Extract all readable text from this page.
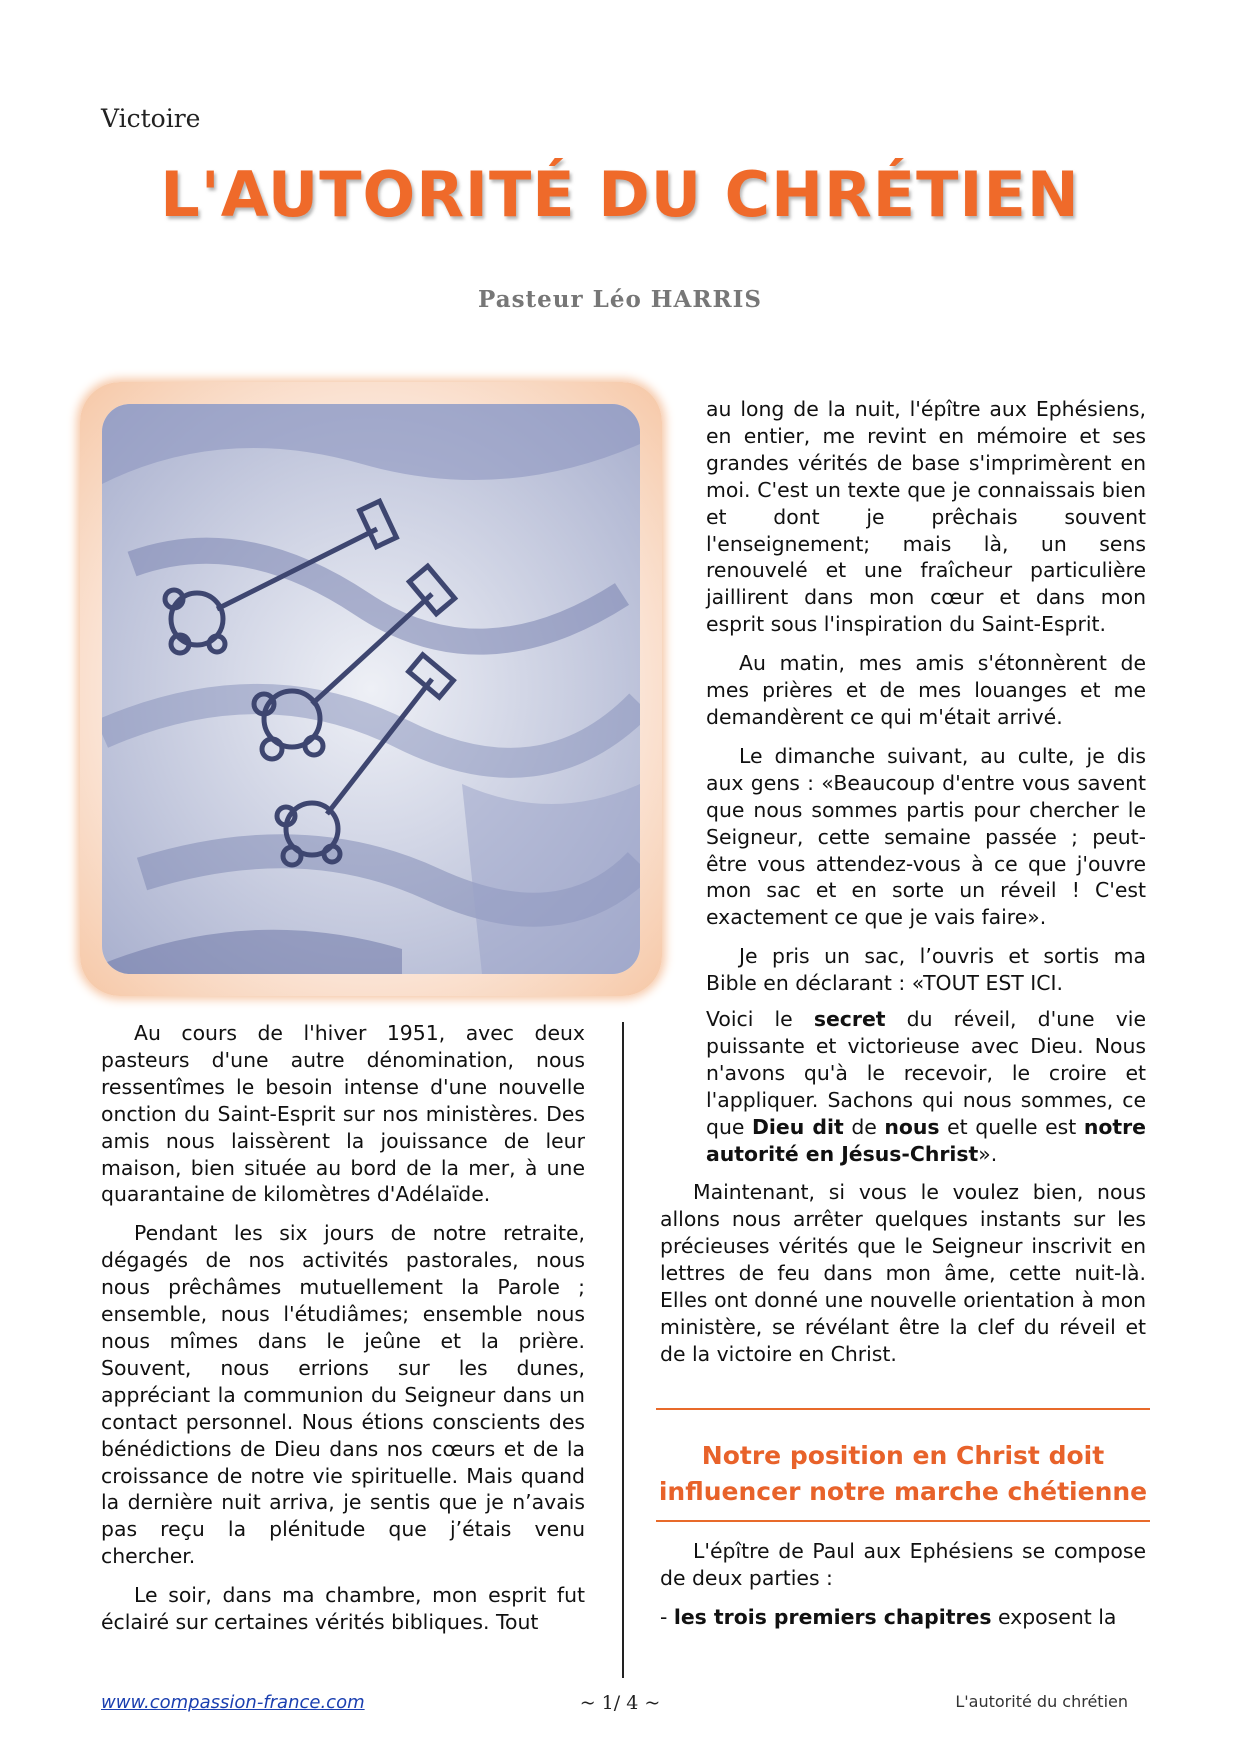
Victoire
L'AUTORITÉ DU CHRÉTIEN
Pasteur Léo HARRIS

au long de la nuit, l'épître aux Ephésiens, en entier, me revint en mémoire et ses grandes vérités de base s'imprimèrent en moi. C'est un texte que je connaissais bien et dont je prêchais souvent l'enseignement; mais là, un sens renouvelé et une fraîcheur particulière jaillirent dans mon cœur et dans mon esprit sous l'inspiration du Saint-Esprit.

Au matin, mes amis s'étonnèrent de mes prières et de mes louanges et me demandèrent ce qui m'était arrivé.

Le dimanche suivant, au culte, je dis aux gens : «Beaucoup d'entre vous savent que nous sommes partis pour chercher le Seigneur, cette semaine passée ; peut-être vous attendez-vous à ce que j'ouvre mon sac et en sorte un réveil ! C'est exactement ce que je vais faire».

Je pris un sac, l’ouvris et sortis ma Bible en déclarant : «TOUT EST ICI.

Au cours de l'hiver 1951, avec deux pasteurs d'une autre dénomination, nous ressentîmes le besoin intense d'une nouvelle onction du Saint-Esprit sur nos ministères. Des amis nous laissèrent la jouissance de leur maison, bien située au bord de la mer, à une quarantaine de kilomètres d'Adélaïde.

Pendant les six jours de notre retraite, dégagés de nos activités pastorales, nous nous prêchâmes mutuellement la Parole ; ensemble, nous l'étudiâmes; ensemble nous nous mîmes dans le jeûne et la prière. Souvent, nous errions sur les dunes, appréciant la communion du Seigneur dans un contact personnel. Nous étions conscients des bénédictions de Dieu dans nos cœurs et de la croissance de notre vie spirituelle. Mais quand la dernière nuit arriva, je sentis que je n’avais pas reçu la plénitude que j’étais venu chercher.

Le soir, dans ma chambre, mon esprit fut éclairé sur certaines vérités bibliques. Tout

Voici le secret du réveil, d'une vie puissante et victorieuse avec Dieu. Nous n'avons qu'à le recevoir, le croire et l'appliquer. Sachons qui nous sommes, ce que Dieu dit de nous et quelle est notre autorité en Jésus-Christ».

Maintenant, si vous le voulez bien, nous allons nous arrêter quelques instants sur les précieuses vérités que le Seigneur inscrivit en lettres de feu dans mon âme, cette nuit-là. Elles ont donné une nouvelle orientation à mon ministère, se révélant être la clef du réveil et de la victoire en Christ.

Notre position en Christ doit
influencer notre marche chétienne

L'épître de Paul aux Ephésiens se compose de deux parties :

- les trois premiers chapitres exposent la

www.compassion-france.com	~ 1/ 4 ~	L'autorité du chrétien
